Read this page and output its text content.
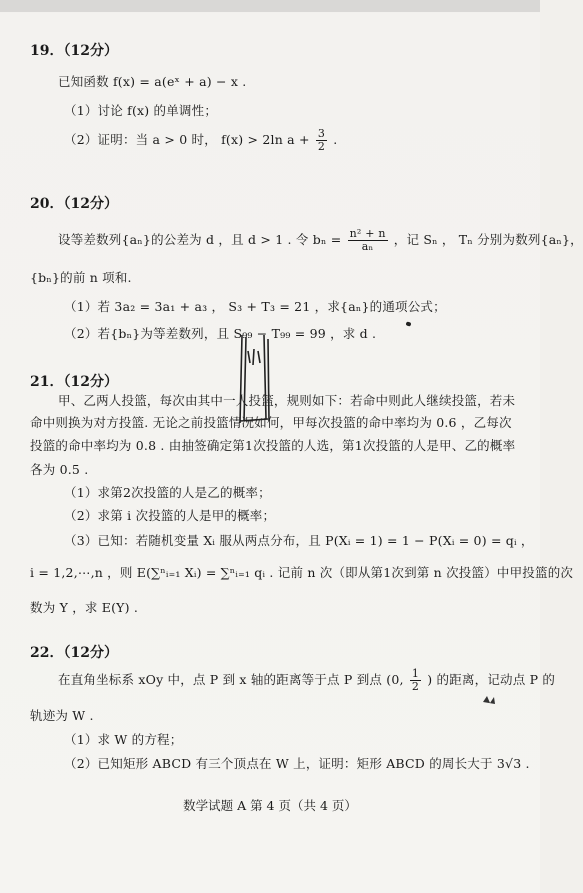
19．（12分）
已知函数 f(x) = a(eˣ + a) − x .
（1）讨论 f(x) 的单调性；
（2）证明：当 a > 0 时， f(x) > 2ln $a + \frac{3}{2}$ .
20．（12分）
设等差数列{aₙ}的公差为 d ，且 d > 1 . 令 $b_n = \frac{\text{n² + n}}{\text{aₙ}}$ ，记 Sₙ ， Tₙ 分别为数列{aₙ}，
{bₙ}的前 n 项和.
（1）若 3a₂ = 3a₁ + a₃ ， S₃ + T₃ = 21 ，求{aₙ}的通项公式；
（2）若{bₙ}为等差数列，且 S₉₉ − T₉₉ = 99 ，求 d .
21．（12分）
甲、乙两人投篮，每次由其中一人投篮，规则如下：若命中则此人继续投篮，若未
命中则换为对方投篮. 无论之前投篮情况如何，甲每次投篮的命中率均为 0.6 ，乙每次
投篮的命中率均为 0.8 . 由抽签确定第1次投篮的人选，第1次投篮的人是甲、乙的概率
各为 0.5 .
（1）求第2次投篮的人是乙的概率；
（2）求第 i 次投篮的人是甲的概率；
（3）已知：若随机变量 Xᵢ 服从两点分布，且 P(Xᵢ = 1) = 1 − P(Xᵢ = 0) = qᵢ ，
i = 1,2,⋯,n ，则 E(∑ⁿᵢ₌₁ Xᵢ) = ∑ⁿᵢ₌₁ qᵢ . 记前 n 次（即从第1次到第 n 次投篮）中甲投篮的次
数为 Y ，求 E(Y) .
22．（12分）
在直角坐标系 xOy 中，点 P 到 x 轴的距离等于点 P 到点 (0, $\frac{1}{2}$ ) 的距离，记动点 P 的
轨迹为 W .
（1）求 W 的方程；
（2）已知矩形 ABCD 有三个顶点在 W 上，证明：矩形 ABCD 的周长大于 3√3 .
数学试题 A 第 4 页（共 4 页）
